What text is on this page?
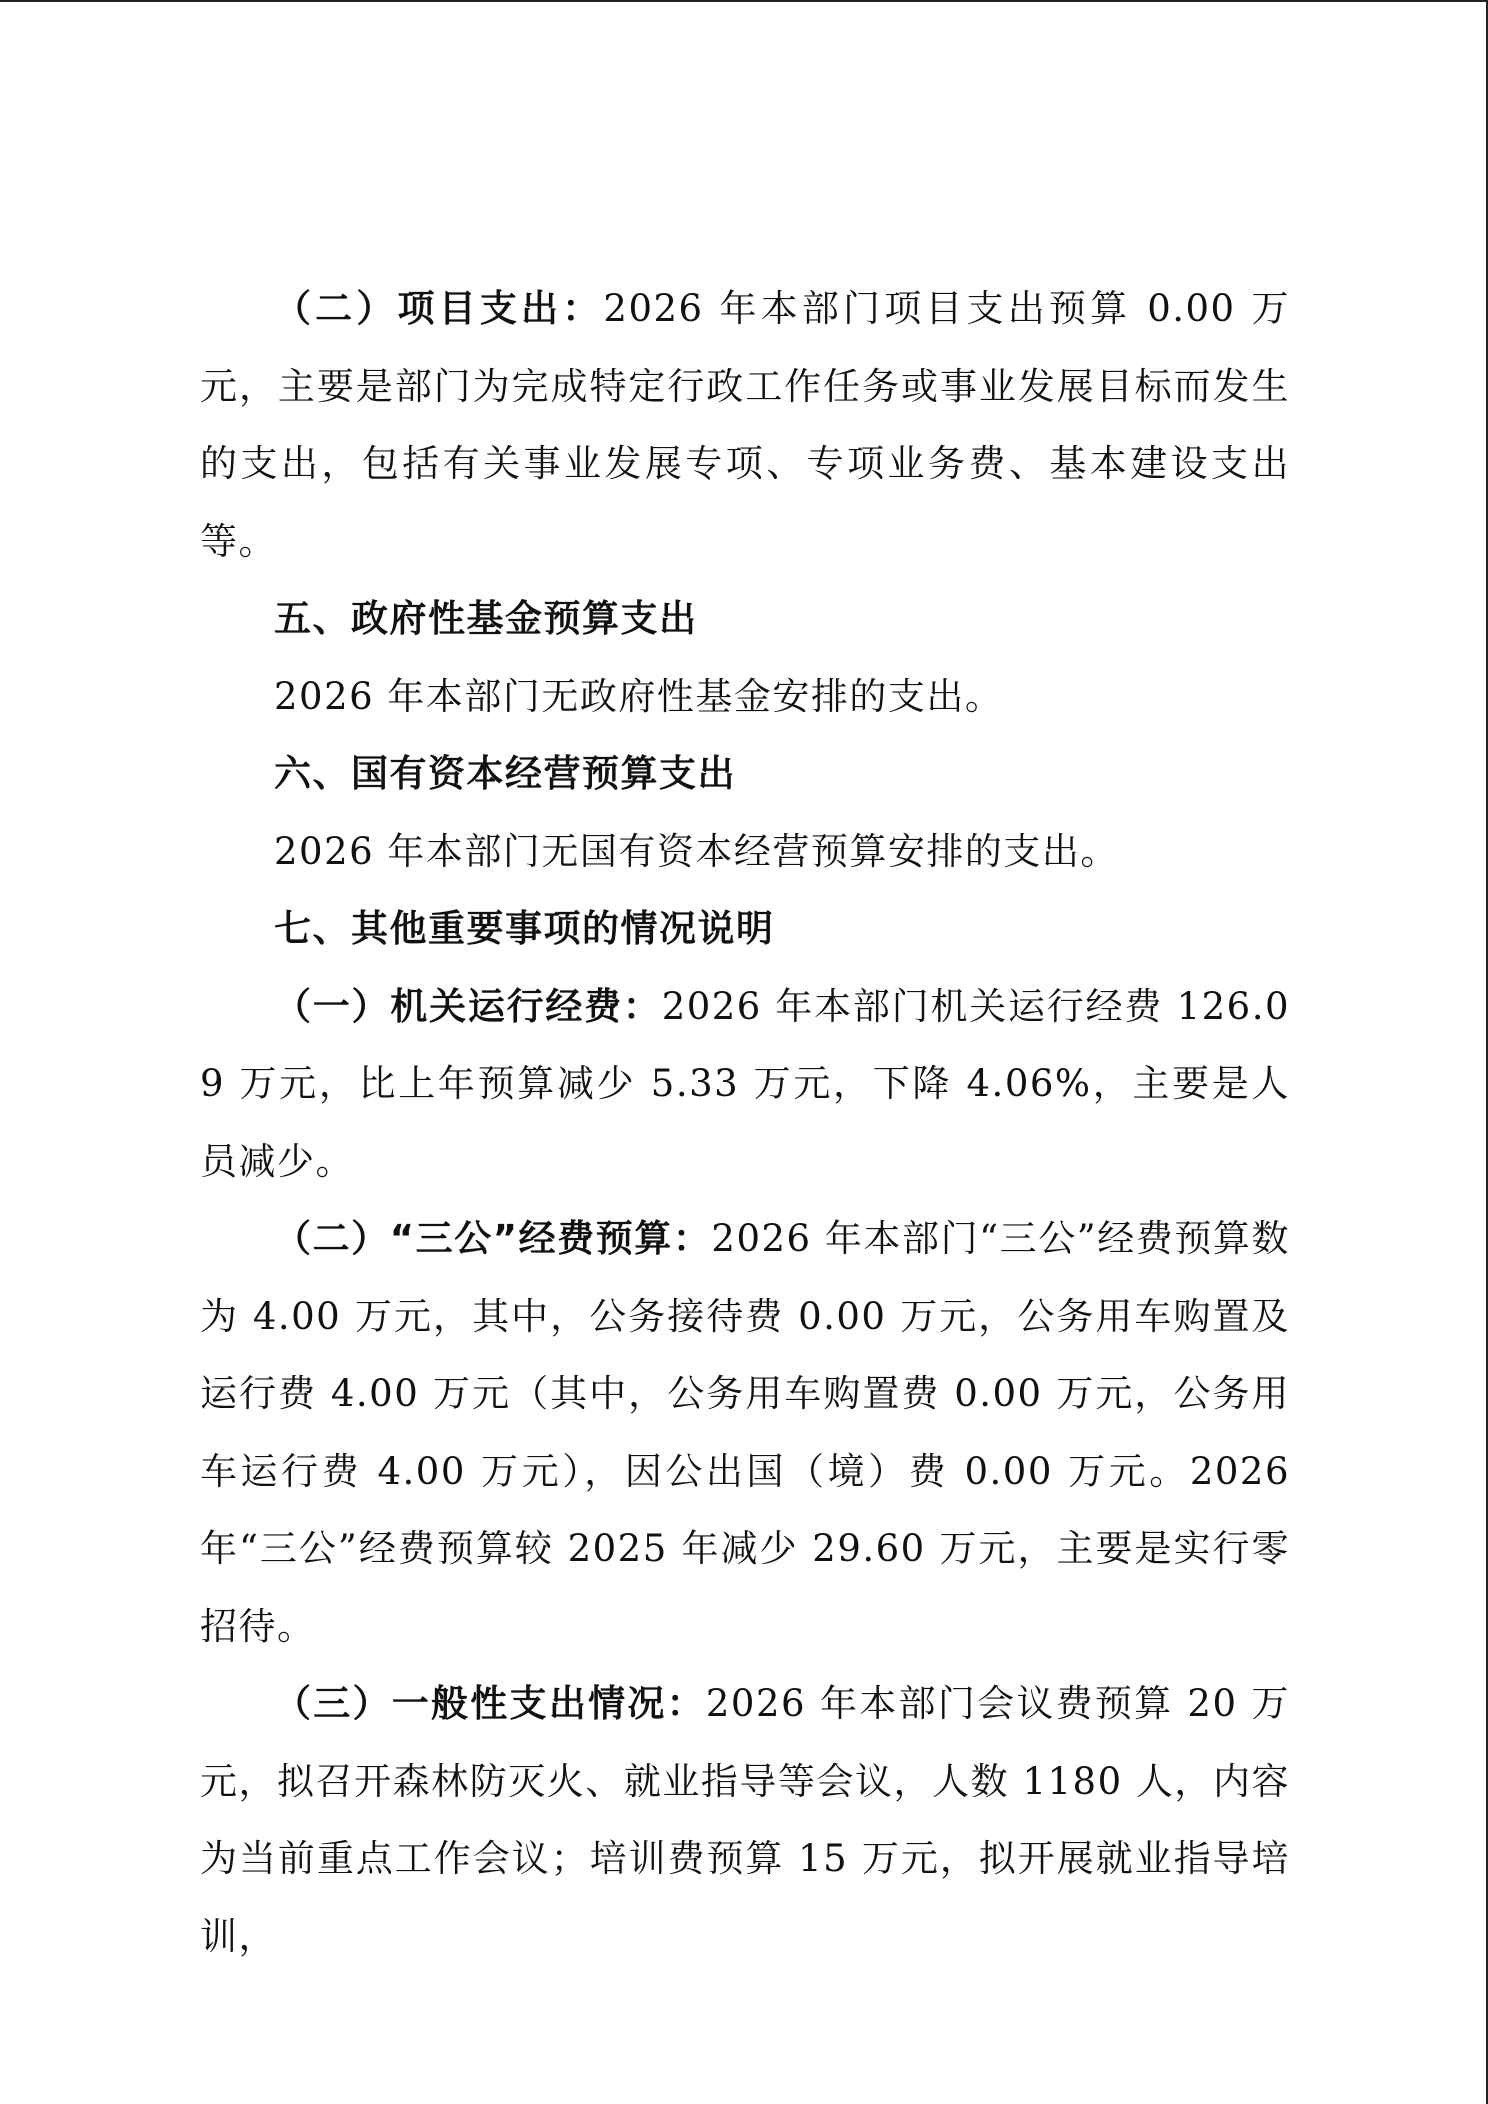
（二）项目支出：2026 年本部门项目支出预算 0.00 万元，主要是部门为完成特定行政工作任务或事业发展目标而发生的支出，包括有关事业发展专项、专项业务费、基本建设支出等。

五、政府性基金预算支出

2026 年本部门无政府性基金安排的支出。

六、国有资本经营预算支出

2026 年本部门无国有资本经营预算安排的支出。

七、其他重要事项的情况说明

（一）机关运行经费：2026 年本部门机关运行经费 126.09 万元，比上年预算减少 5.33 万元，下降 4.06%，主要是人员减少。

（二）“三公”经费预算：2026 年本部门“三公”经费预算数为 4.00 万元，其中，公务接待费 0.00 万元，公务用车购置及运行费 4.00 万元（其中，公务用车购置费 0.00 万元，公务用车运行费 4.00 万元），因公出国（境）费 0.00 万元。2026 年“三公”经费预算较 2025 年减少 29.60 万元，主要是实行零招待。

（三）一般性支出情况：2026 年本部门会议费预算 20 万元，拟召开森林防灭火、就业指导等会议，人数 1180 人，内容为当前重点工作会议；培训费预算 15 万元，拟开展就业指导培训，
